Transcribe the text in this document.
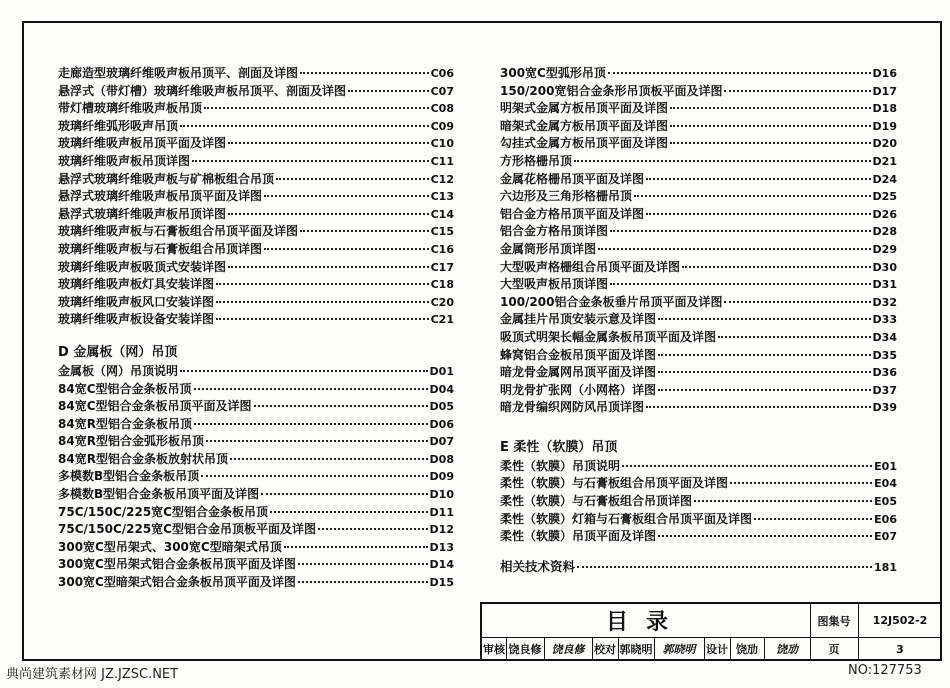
走廊造型玻璃纤维吸声板吊顶平、剖面及详图	C06
悬浮式（带灯槽）玻璃纤维吸声板吊顶平、剖面及详图	C07
带灯槽玻璃纤维吸声板吊顶	C08
玻璃纤维弧形吸声吊顶	C09
玻璃纤维吸声板吊顶平面及详图	C10
玻璃纤维吸声板吊顶详图	C11
悬浮式玻璃纤维吸声板与矿棉板组合吊顶	C12
悬浮式玻璃纤维吸声板吊顶平面及详图	C13
悬浮式玻璃纤维吸声板吊顶详图	C14
玻璃纤维吸声板与石膏板组合吊顶平面及详图	C15
玻璃纤维吸声板与石膏板组合吊顶详图	C16
玻璃纤维吸声板吸顶式安装详图	C17
玻璃纤维吸声板灯具安装详图	C18
玻璃纤维吸声板风口安装详图	C20
玻璃纤维吸声板设备安装详图	C21
D 金属板（网）吊顶
金属板（网）吊顶说明	D01
84宽C型铝合金条板吊顶	D04
84宽C型铝合金条板吊顶平面及详图	D05
84宽R型铝合金条板吊顶	D06
84宽R型铝合金弧形板吊顶	D07
84宽R型铝合金条板放射状吊顶	D08
多模数B型铝合金条板吊顶	D09
多模数B型铝合金条板吊顶平面及详图	D10
75C/150C/225宽C型铝合金条板吊顶	D11
75C/150C/225宽C型铝合金吊顶板平面及详图	D12
300宽C型吊架式、300宽C型暗架式吊顶	D13
300宽C型吊架式铝合金条板吊顶平面及详图	D14
300宽C型暗架式铝合金条板吊顶平面及详图	D15
300宽C型弧形吊顶	D16
150/200宽铝合金条形吊顶板平面及详图	D17
明架式金属方板吊顶平面及详图	D18
暗架式金属方板吊顶平面及详图	D19
勾挂式金属方板吊顶平面及详图	D20
方形格栅吊顶	D21
金属花格栅吊顶平面及详图	D24
六边形及三角形格栅吊顶	D25
铝合金方格吊顶平面及详图	D26
铝合金方格吊顶详图	D28
金属筒形吊顶详图	D29
大型吸声格栅组合吊顶平面及详图	D30
大型吸声板吊顶详图	D31
100/200铝合金条板垂片吊顶平面及详图	D32
金属挂片吊顶安装示意及详图	D33
吸顶式明架长幅金属条板吊顶平面及详图	D34
蜂窝铝合金板吊顶平面及详图	D35
暗龙骨金属网吊顶平面及详图	D36
明龙骨扩张网（小网格）详图	D37
暗龙骨编织网防风吊顶详图	D39
E 柔性（软膜）吊顶
柔性（软膜）吊顶说明	E01
柔性（软膜）与石膏板组合吊顶平面及详图	E04
柔性（软膜）与石膏板组合吊顶详图	E05
柔性（软膜）灯箱与石膏板组合吊顶平面及详图	E06
柔性（软膜）吊顶平面及详图	E07
相关技术资料	181
目录	图集号	12J502-2
审核 饶良修 饶良修 校对 郭晓明 郭晓明 设计 饶劢	饶劢	页	3
典尚建筑素材网 JZ.JZSC.NET	NO:127753
